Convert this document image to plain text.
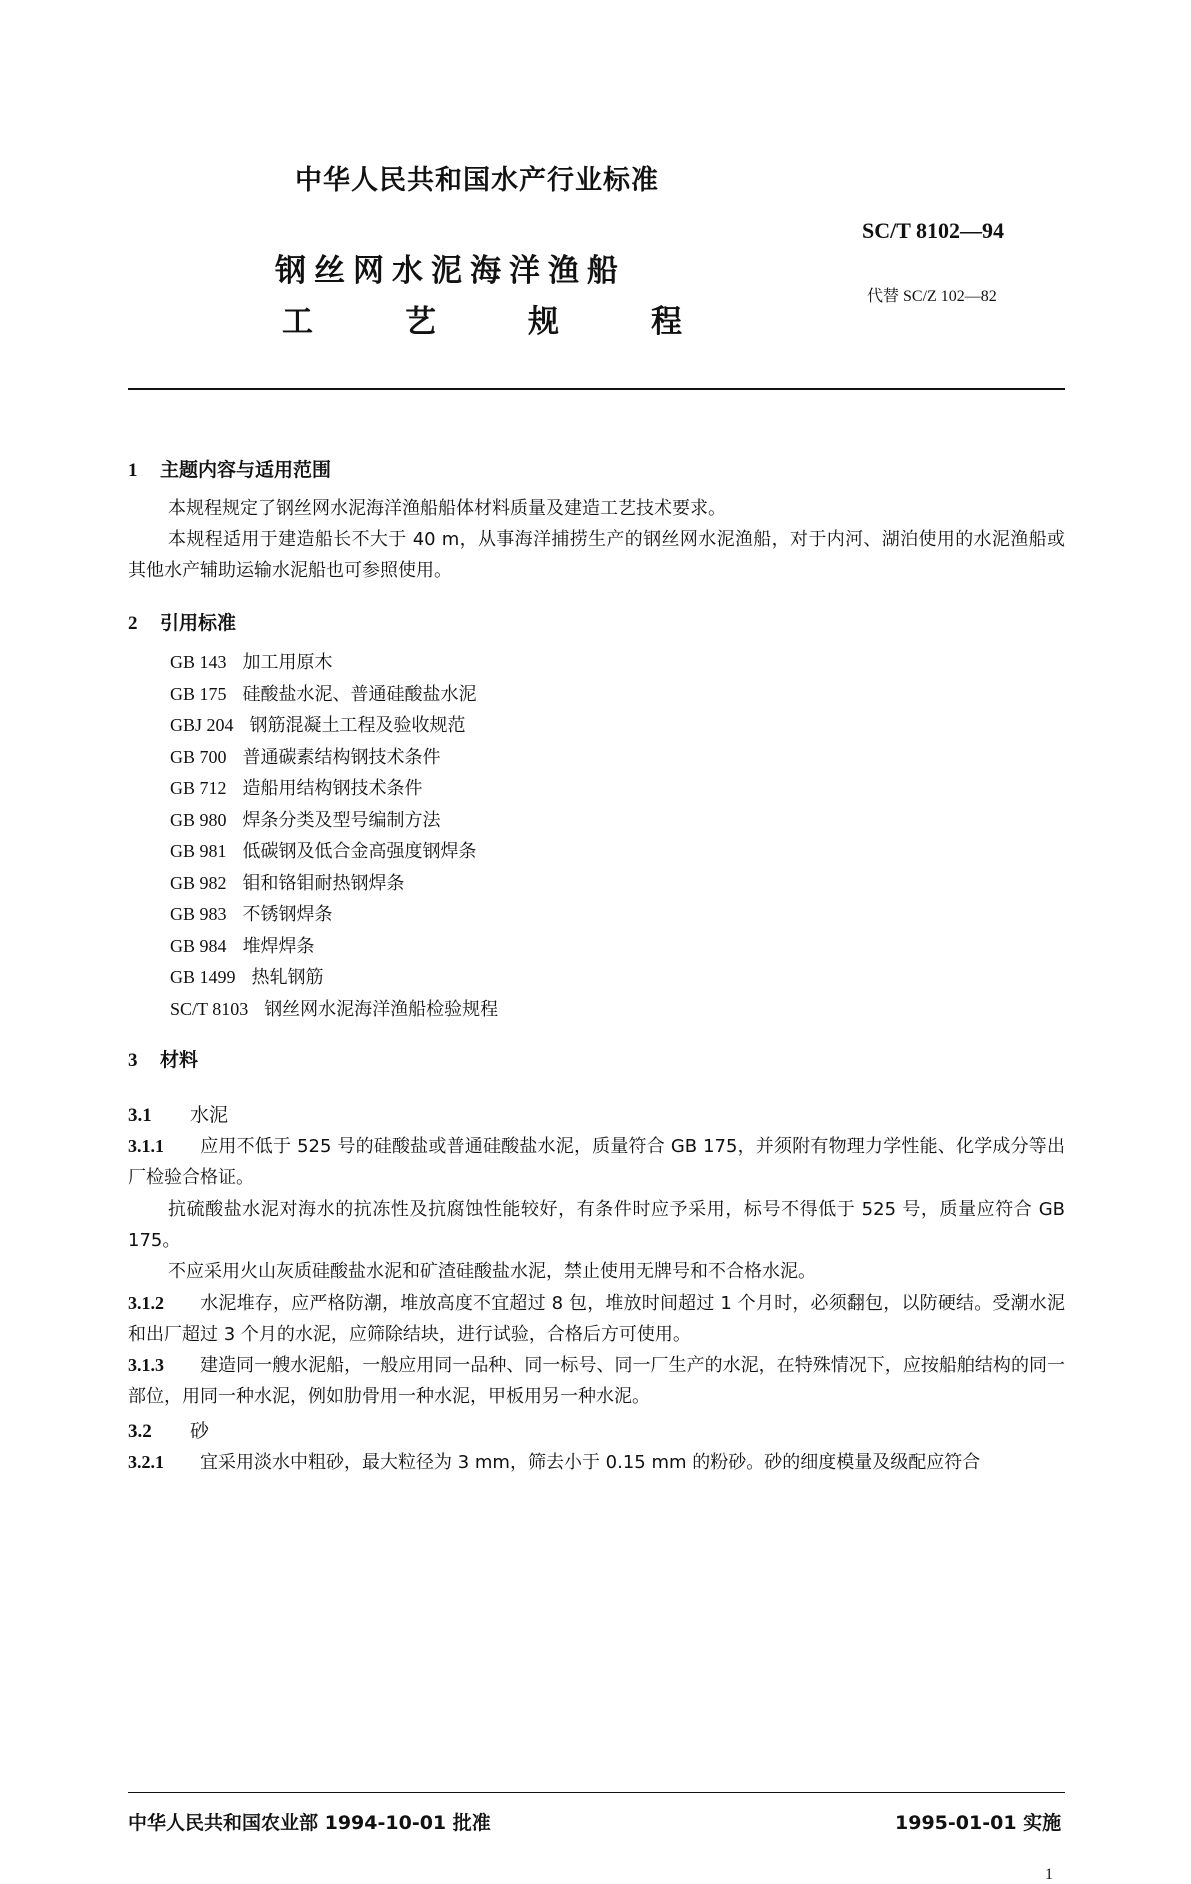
中华人民共和国水产行业标准
SC/T 8102—94
钢丝网水泥海洋渔船
工	艺	规	程
代替 SC/Z 102—82
1 主题内容与适用范围

本规程规定了钢丝网水泥海洋渔船船体材料质量及建造工艺技术要求。

本规程适用于建造船长不大于 40 m，从事海洋捕捞生产的钢丝网水泥渔船，对于内河、湖泊使用的水泥渔船或其他水产辅助运输水泥船也可参照使用。

2 引用标准
GB 143 加工用原木
GB 175 硅酸盐水泥、普通硅酸盐水泥
GBJ 204 钢筋混凝土工程及验收规范
GB 700 普通碳素结构钢技术条件
GB 712 造船用结构钢技术条件
GB 980 焊条分类及型号编制方法
GB 981 低碳钢及低合金高强度钢焊条
GB 982 钼和铬钼耐热钢焊条
GB 983 不锈钢焊条
GB 984 堆焊焊条
GB 1499 热轧钢筋
SC/T 8103 钢丝网水泥海洋渔船检验规程
3 材料
3.1 水泥

3.1.1 应用不低于 525 号的硅酸盐或普通硅酸盐水泥，质量符合 GB 175，并须附有物理力学性能、化学成分等出厂检验合格证。

抗硫酸盐水泥对海水的抗冻性及抗腐蚀性能较好，有条件时应予采用，标号不得低于 525 号，质量应符合 GB 175。

不应采用火山灰质硅酸盐水泥和矿渣硅酸盐水泥，禁止使用无牌号和不合格水泥。

3.1.2 水泥堆存，应严格防潮，堆放高度不宜超过 8 包，堆放时间超过 1 个月时，必须翻包，以防硬结。受潮水泥和出厂超过 3 个月的水泥，应筛除结块，进行试验，合格后方可使用。

3.1.3 建造同一艘水泥船，一般应用同一品种、同一标号、同一厂生产的水泥，在特殊情况下，应按船舶结构的同一部位，用同一种水泥，例如肋骨用一种水泥，甲板用另一种水泥。

3.2 砂

3.2.1 宜采用淡水中粗砂，最大粒径为 3 mm，筛去小于 0.15 mm 的粉砂。砂的细度模量及级配应符合

中华人民共和国农业部 1994-10-01 批准	1995-01-01 实施
1
